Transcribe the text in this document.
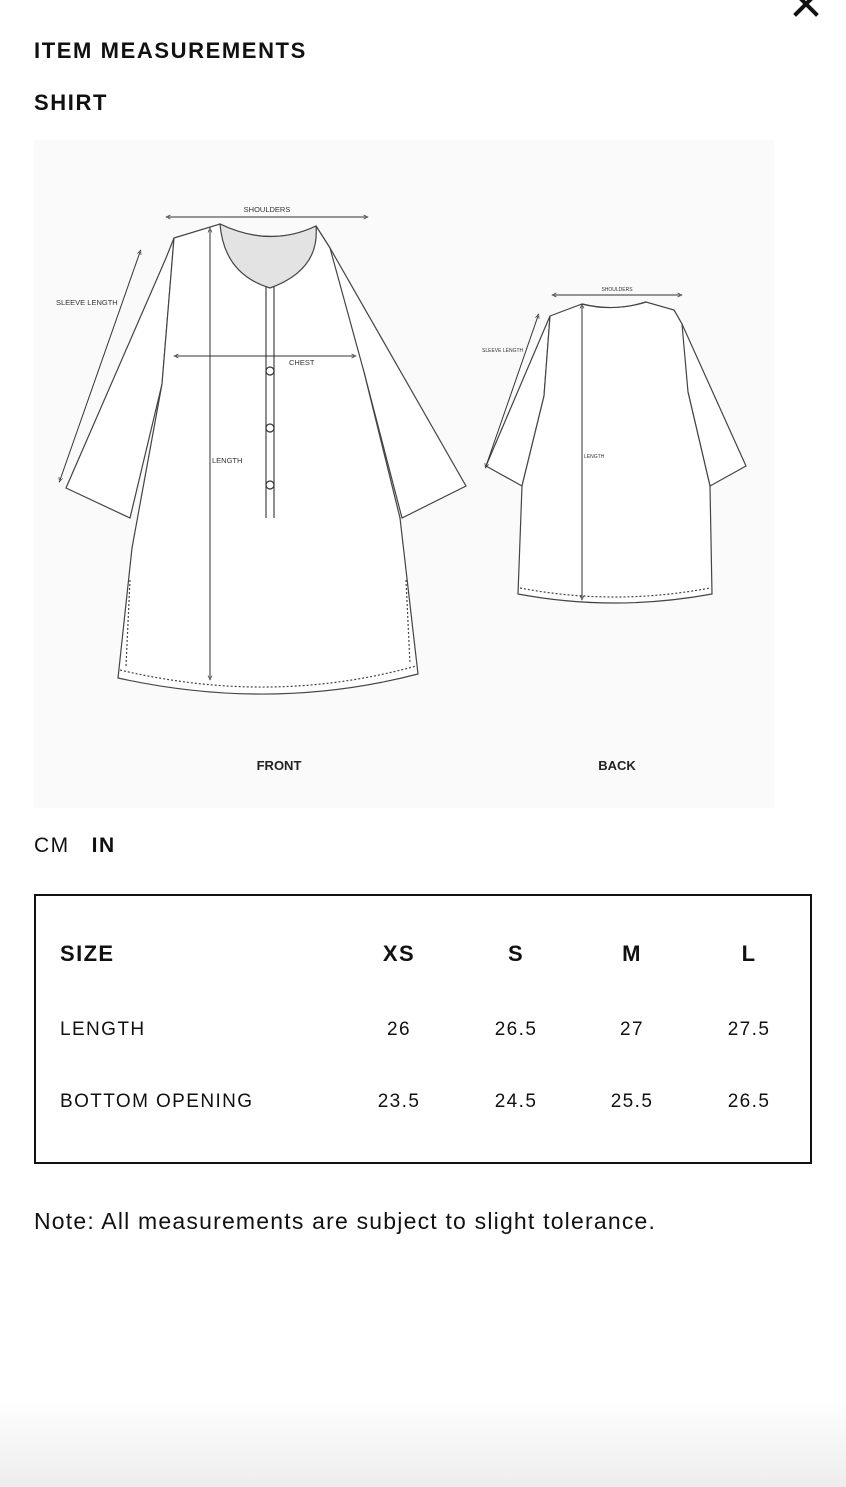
ITEM MEASUREMENTS
SHIRT
SHOULDERS
SLEEVE LENGTH
CHEST
LENGTH
SHOULDERS
SLEEVE LENGTH
LENGTH
FRONT	BACK
CM IN
SIZE	XS	S	M	L
LENGTH	26	26.5	27	27.5
BOTTOM OPENING	23.5	24.5	25.5	26.5

Note: All measurements are subject to slight tolerance.
